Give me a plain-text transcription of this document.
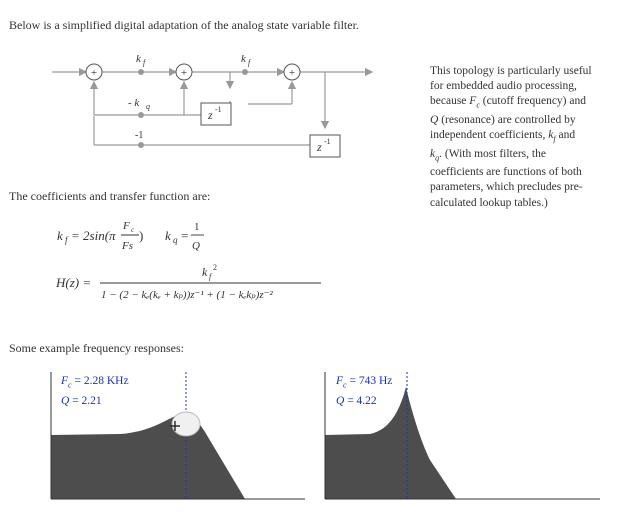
Below is a simplified digital adaptation of the analog state variable filter.
+	+	+
z -1
z -1
k f	k f
- k q
-1
This topology is particularly useful
for embedded audio processing,
because $F_c$ (cutoff frequency) and
Q (resonance) are controlled by
independent coefficients, $k_f$ and
$k_q$. (With most filters, the
coefficients are functions of both
parameters, which precludes pre-
calculated lookup tables.)
The coefficients and transfer function are:
k f = 2sin(π
F c
Fs
) k q =
1
Q
H(z) =
k f
2
1 − (2 − kₑ(kₑ + kₚ))z⁻¹ + (1 − kₑkₚ)z⁻²
Some example frequency responses:
$F_c = 2.28$ KHz
Q = 2.21
$F_c = 743$ Hz
Q = 4.22
